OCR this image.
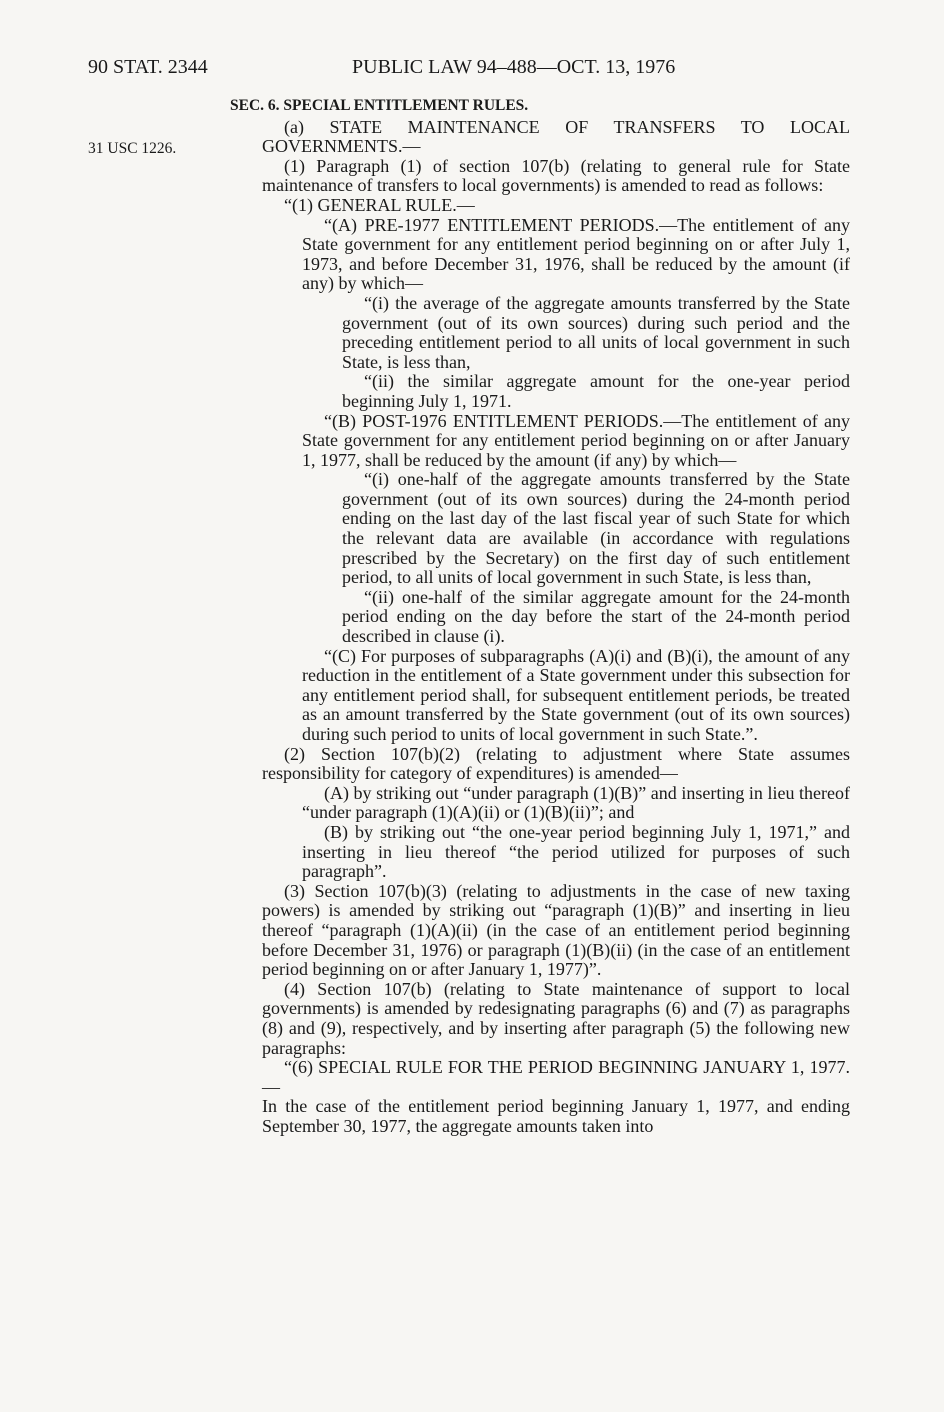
90 STAT. 2344	PUBLIC LAW 94–488—OCT. 13, 1976
31 USC 1226.

SEC. 6. SPECIAL ENTITLEMENT RULES.

(a) STATE MAINTENANCE OF TRANSFERS TO LOCAL GOVERNMENTS.—

(1) Paragraph (1) of section 107(b) (relating to general rule for State maintenance of transfers to local governments) is amended to read as follows:

“(1) GENERAL RULE.—

“(A) PRE-1977 ENTITLEMENT PERIODS.—The entitlement of any State government for any entitlement period beginning on or after July 1, 1973, and before December 31, 1976, shall be reduced by the amount (if any) by which—

“(i) the average of the aggregate amounts transferred by the State government (out of its own sources) during such period and the preceding entitlement period to all units of local government in such State, is less than,

“(ii) the similar aggregate amount for the one-year period beginning July 1, 1971.

“(B) POST-1976 ENTITLEMENT PERIODS.—The entitlement of any State government for any entitlement period beginning on or after January 1, 1977, shall be reduced by the amount (if any) by which—

“(i) one-half of the aggregate amounts transferred by the State government (out of its own sources) during the 24-month period ending on the last day of the last fiscal year of such State for which the relevant data are available (in accordance with regulations prescribed by the Secretary) on the first day of such entitlement period, to all units of local government in such State, is less than,

“(ii) one-half of the similar aggregate amount for the 24-month period ending on the day before the start of the 24-month period described in clause (i).

“(C) For purposes of subparagraphs (A)(i) and (B)(i), the amount of any reduction in the entitlement of a State government under this subsection for any entitlement period shall, for subsequent entitlement periods, be treated as an amount transferred by the State government (out of its own sources) during such period to units of local government in such State.”.

(2) Section 107(b)(2) (relating to adjustment where State assumes responsibility for category of expenditures) is amended—

(A) by striking out “under paragraph (1)(B)” and inserting in lieu thereof “under paragraph (1)(A)(ii) or (1)(B)(ii)”; and

(B) by striking out “the one-year period beginning July 1, 1971,” and inserting in lieu thereof “the period utilized for purposes of such paragraph”.

(3) Section 107(b)(3) (relating to adjustments in the case of new taxing powers) is amended by striking out “paragraph (1)(B)” and inserting in lieu thereof “paragraph (1)(A)(ii) (in the case of an entitlement period beginning before December 31, 1976) or paragraph (1)(B)(ii) (in the case of an entitlement period beginning on or after January 1, 1977)”.

(4) Section 107(b) (relating to State maintenance of support to local governments) is amended by redesignating paragraphs (6) and (7) as paragraphs (8) and (9), respectively, and by inserting after paragraph (5) the following new paragraphs:

“(6) SPECIAL RULE FOR THE PERIOD BEGINNING JANUARY 1, 1977.—

In the case of the entitlement period beginning January 1, 1977, and ending September 30, 1977, the aggregate amounts taken into
